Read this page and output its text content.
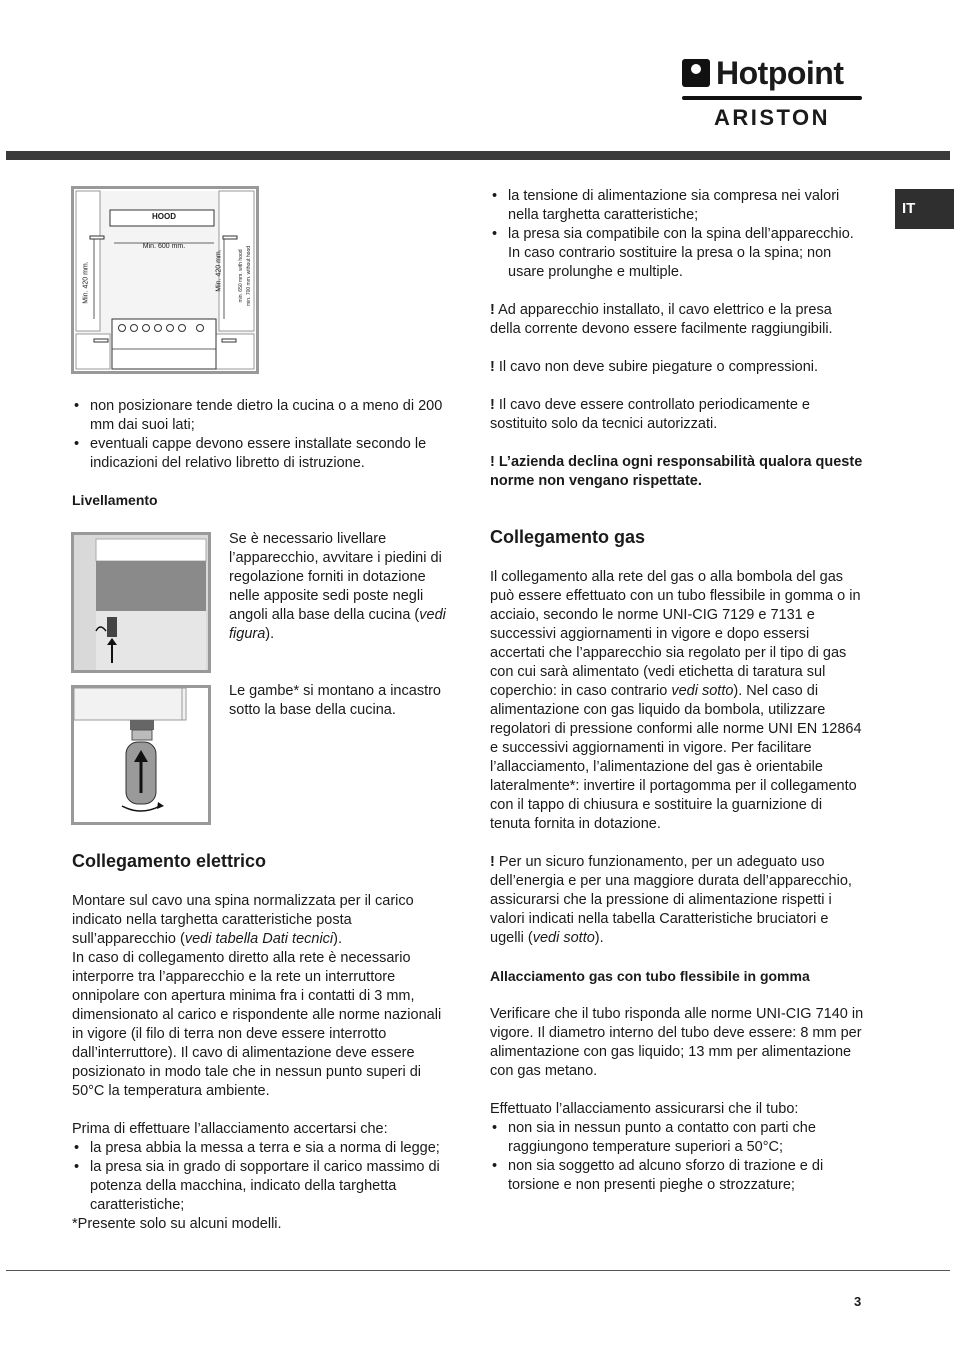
Hotpoint
ARISTON
IT
HOOD
Min. 600 mm.
Min. 420 mm.	Min. 420 mm.	min. 650 mm. with hood min. 700 mm. without hood
• non posizionare tende dietro la cucina o a meno di 200 mm dai suoi lati;
• eventuali cappe devono essere installate secondo le indicazioni del relativo libretto di istruzione.
Livellamento
Se è necessario livellare l’apparecchio, avvitare i piedini di regolazione forniti in dotazione nelle apposite sedi poste negli angoli alla base della cucina (vedi figura).
Le gambe* si montano a incastro sotto la base della cucina.
Collegamento elettrico

Montare sul cavo una spina normalizzata per il carico indicato nella targhetta caratteristiche posta sull’apparecchio (vedi tabella Dati tecnici).

In caso di collegamento diretto alla rete è necessario interporre tra l’apparecchio e la rete un interruttore onnipolare con apertura minima fra i contatti di 3 mm, dimensionato al carico e rispondente alle norme nazionali in vigore (il filo di terra non deve essere interrotto dall’interruttore). Il cavo di alimentazione deve essere posizionato in modo tale che in nessun punto superi di 50°C la temperatura ambiente.

Prima di effettuare l’allacciamento accertarsi che:

• la presa abbia la messa a terra e sia a norma di legge;
• la presa sia in grado di sopportare il carico massimo di potenza della macchina, indicato della targhetta caratteristiche;

*Presente solo su alcuni modelli.

• la tensione di alimentazione sia compresa nei valori nella targhetta caratteristiche;
• la presa sia compatibile con la spina dell’apparecchio. In caso contrario sostituire la presa o la spina; non usare prolunghe e multiple.

! Ad apparecchio installato, il cavo elettrico e la presa della corrente devono essere facilmente raggiungibili.

! Il cavo non deve subire piegature o compressioni.

! Il cavo deve essere controllato periodicamente e sostituito solo da tecnici autorizzati.

! L’azienda declina ogni responsabilità qualora queste norme non vengano rispettate.

Collegamento gas

Il collegamento alla rete del gas o alla bombola del gas può essere effettuato con un tubo flessibile in gomma o in acciaio, secondo le norme UNI-CIG 7129 e 7131 e successivi aggiornamenti in vigore e dopo essersi accertati che l’apparecchio sia regolato per il tipo di gas con cui sarà alimentato (vedi etichetta di taratura sul coperchio: in caso contrario vedi sotto). Nel caso di alimentazione con gas liquido da bombola, utilizzare regolatori di pressione conformi alle norme UNI EN 12864 e successivi aggiornamenti in vigore. Per facilitare l’allacciamento, l’alimentazione del gas è orientabile lateralmente*: invertire il portagomma per il collegamento con il tappo di chiusura e sostituire la guarnizione di tenuta fornita in dotazione.

! Per un sicuro funzionamento, per un adeguato uso dell’energia e per una maggiore durata dell’apparecchio, assicurarsi che la pressione di alimentazione rispetti i valori indicati nella tabella Caratteristiche bruciatori e ugelli (vedi sotto).

Allacciamento gas con tubo flessibile in gomma

Verificare che il tubo risponda alle norme UNI-CIG 7140 in vigore. Il diametro interno del tubo deve essere: 8 mm per alimentazione con gas liquido; 13 mm per alimentazione con gas metano.

Effettuato l’allacciamento assicurarsi che il tubo:

• non sia in nessun punto a contatto con parti che raggiungono temperature superiori a 50°C;
• non sia soggetto ad alcuno sforzo di trazione e di torsione e non presenti pieghe o strozzature;
3
